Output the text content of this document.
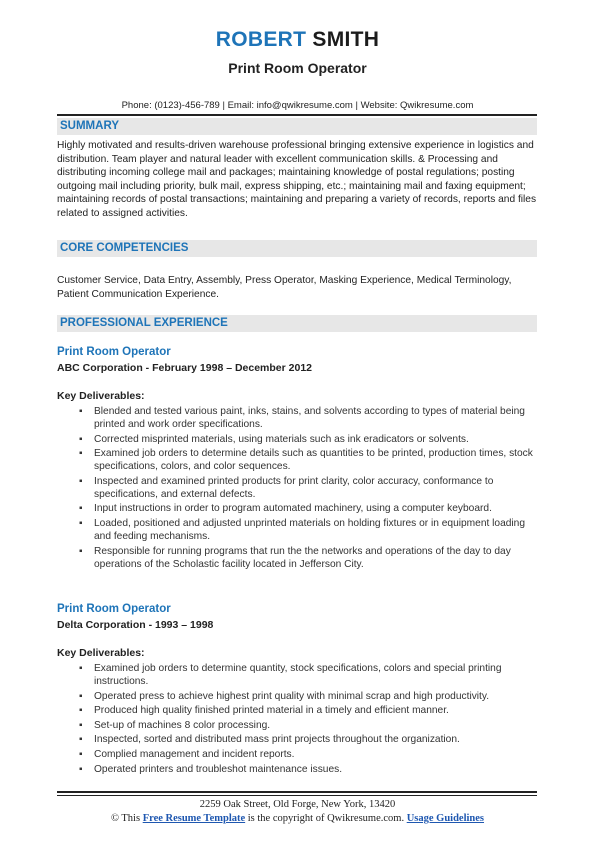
ROBERT SMITH
Print Room Operator
Phone: (0123)-456-789 | Email: info@qwikresume.com | Website: Qwikresume.com
SUMMARY
Highly motivated and results-driven warehouse professional bringing extensive experience in logistics and distribution. Team player and natural leader with excellent communication skills. & Processing and distributing incoming college mail and packages; maintaining knowledge of postal regulations; posting outgoing mail including priority, bulk mail, express shipping, etc.; maintaining mail and faxing equipment; maintaining records of postal transactions; maintaining and preparing a variety of records, reports and files related to assigned activities.
CORE COMPETENCIES
Customer Service, Data Entry, Assembly, Press Operator, Masking Experience, Medical Terminology, Patient Communication Experience.
PROFESSIONAL EXPERIENCE
Print Room Operator
ABC Corporation - February 1998 – December 2012
Key Deliverables:
▪ Blended and tested various paint, inks, stains, and solvents according to types of material being printed and work order specifications.
▪ Corrected misprinted materials, using materials such as ink eradicators or solvents.
▪ Examined job orders to determine details such as quantities to be printed, production times, stock specifications, colors, and color sequences.
▪ Inspected and examined printed products for print clarity, color accuracy, conformance to specifications, and external defects.
▪ Input instructions in order to program automated machinery, using a computer keyboard.
▪ Loaded, positioned and adjusted unprinted materials on holding fixtures or in equipment loading and feeding mechanisms.
▪ Responsible for running programs that run the the networks and operations of the day to day operations of the Scholastic facility located in Jefferson City.
Print Room Operator
Delta Corporation - 1993 – 1998
Key Deliverables:
▪ Examined job orders to determine quantity, stock specifications, colors and special printing instructions.
▪ Operated press to achieve highest print quality with minimal scrap and high productivity.
▪ Produced high quality finished printed material in a timely and efficient manner.
▪ Set-up of machines 8 color processing.
▪ Inspected, sorted and distributed mass print projects throughout the organization.
▪ Complied management and incident reports.
▪ Operated printers and troubleshot maintenance issues.
2259 Oak Street, Old Forge, New York, 13420
© This Free Resume Template is the copyright of Qwikresume.com. Usage Guidelines
